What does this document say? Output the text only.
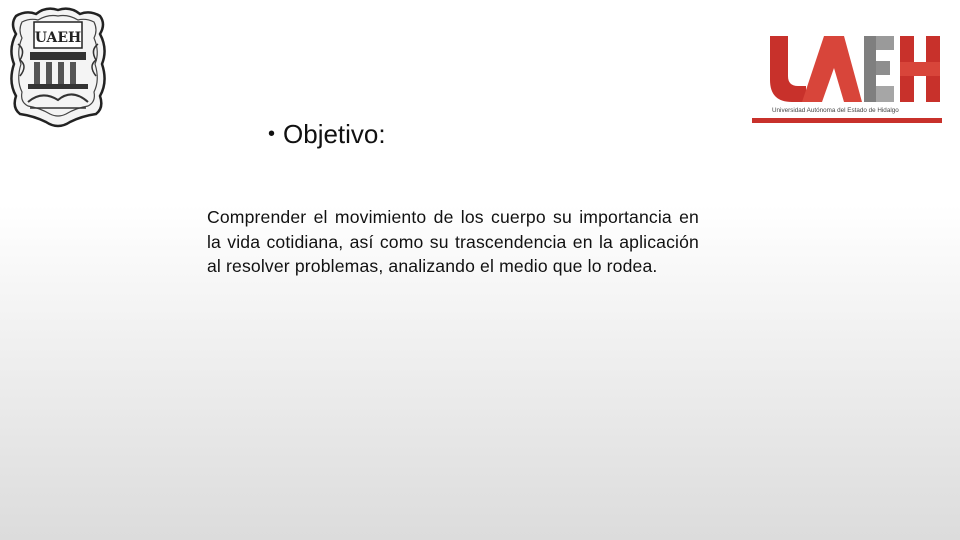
UAEH
Universidad Autónoma del Estado de Hidalgo
• Objetivo:
Comprender el movimiento de los cuerpo su importancia en la vida cotidiana, así como su trascendencia en la aplicación al resolver problemas, analizando el medio que lo rodea.
